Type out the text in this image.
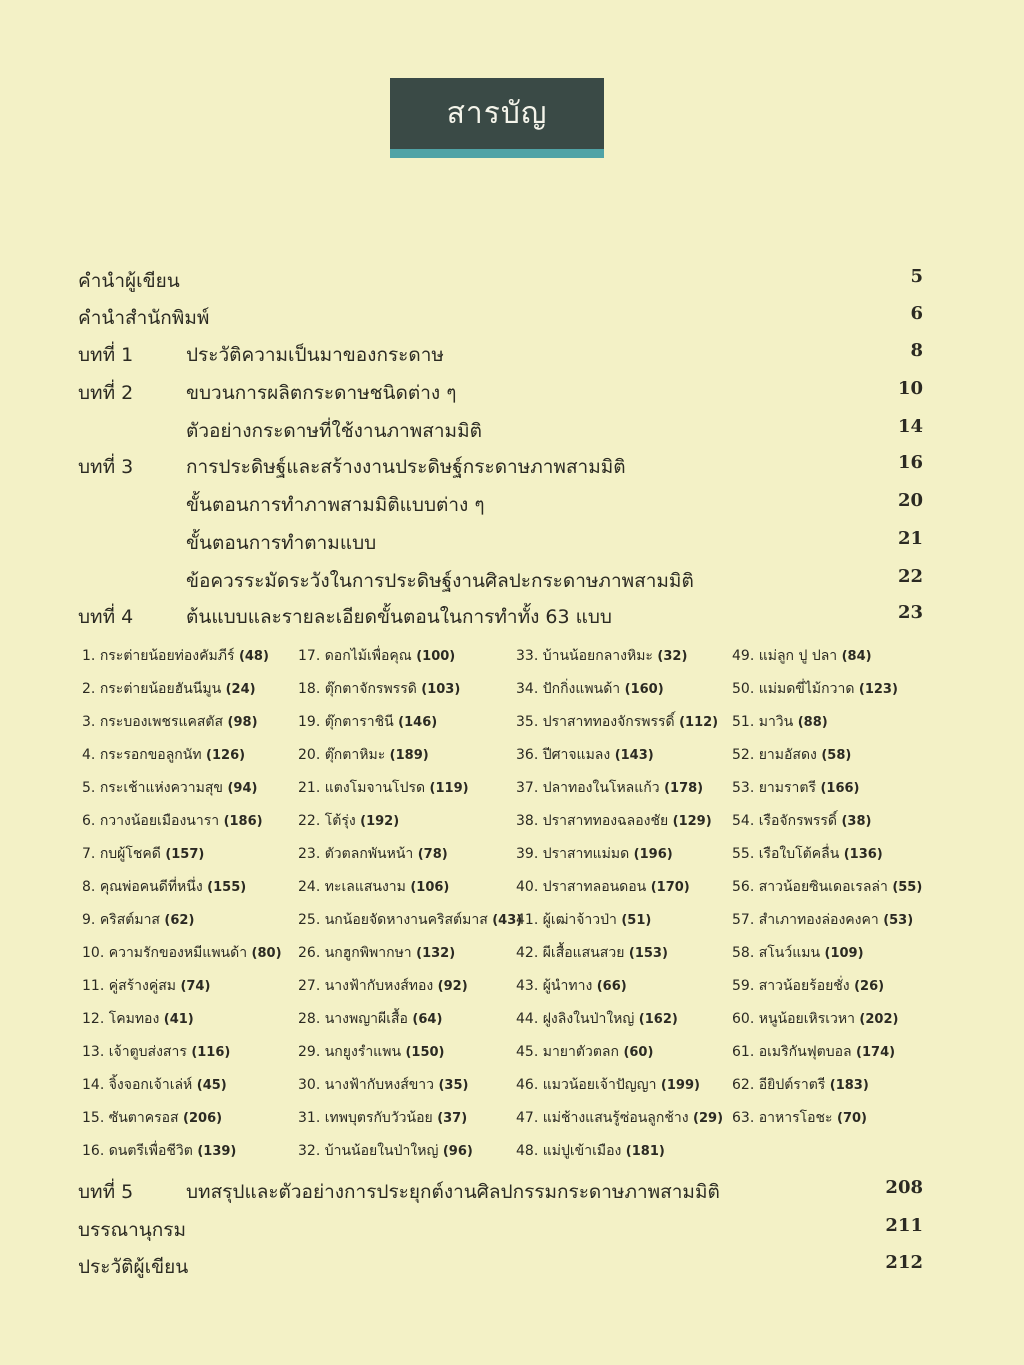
สารบัญ
คำนำผู้เขียน	5
คำนำสำนักพิมพ์	6
บทที่ 1	ประวัติความเป็นมาของกระดาษ	8
บทที่ 2	ขบวนการผลิตกระดาษชนิดต่าง ๆ	10
ตัวอย่างกระดาษที่ใช้งานภาพสามมิติ	14
บทที่ 3	การประดิษฐ์และสร้างงานประดิษฐ์กระดาษภาพสามมิติ	16
ขั้นตอนการทำภาพสามมิติแบบต่าง ๆ	20
ขั้นตอนการทำตามแบบ	21
ข้อควรระมัดระวังในการประดิษฐ์งานศิลปะกระดาษภาพสามมิติ	22
บทที่ 4	ต้นแบบและรายละเอียดขั้นตอนในการทำทั้ง 63 แบบ	23
1. กระต่ายน้อยท่องคัมภีร์ (48)
2. กระต่ายน้อยฮันนีมูน (24)
3. กระบองเพชรแคสตัส (98)
4. กระรอกขอลูกนัท (126)
5. กระเช้าแห่งความสุข (94)
6. กวางน้อยเมืองนารา (186)
7. กบผู้โชคดี (157)
8. คุณพ่อคนดีที่หนึ่ง (155)
9. คริสต์มาส (62)
10. ความรักของหมีแพนด้า (80)
11. คู่สร้างคู่สม (74)
12. โคมทอง (41)
13. เจ้าตูบส่งสาร (116)
14. จิ้งจอกเจ้าเล่ห์ (45)
15. ซันตาครอส (206)
16. ดนตรีเพื่อชีวิต (139)
17. ดอกไม้เพื่อคุณ (100)
18. ตุ๊กตาจักรพรรดิ (103)
19. ตุ๊กตาราชินี (146)
20. ตุ๊กตาหิมะ (189)
21. แตงโมจานโปรด (119)
22. โต้รุ่ง (192)
23. ตัวตลกพันหน้า (78)
24. ทะเลแสนงาม (106)
25. นกน้อยจัดหางานคริสต์มาส (43)
26. นกฮูกพิพากษา (132)
27. นางฟ้ากับหงส์ทอง (92)
28. นางพญาผีเสื้อ (64)
29. นกยูงรำแพน (150)
30. นางฟ้ากับหงส์ขาว (35)
31. เทพบุตรกับวัวน้อย (37)
32. บ้านน้อยในป่าใหญ่ (96)
33. บ้านน้อยกลางหิมะ (32)
34. ปักกิ่งแพนด้า (160)
35. ปราสาททองจักรพรรดิ์ (112)
36. ปีศาจแมลง (143)
37. ปลาทองในโหลแก้ว (178)
38. ปราสาททองฉลองชัย (129)
39. ปราสาทแม่มด (196)
40. ปราสาทลอนดอน (170)
41. ผู้เฒ่าจ้าวป่า (51)
42. ผีเสื้อแสนสวย (153)
43. ผู้นำทาง (66)
44. ฝูงลิงในป่าใหญ่ (162)
45. มายาตัวตลก (60)
46. แมวน้อยเจ้าปัญญา (199)
47. แม่ช้างแสนรู้ซ่อนลูกช้าง (29)
48. แม่ปูเข้าเมือง (181)
49. แม่ลูก ปู ปลา (84)
50. แม่มดขี่ไม้กวาด (123)
51. มาวิน (88)
52. ยามอัสดง (58)
53. ยามราตรี (166)
54. เรือจักรพรรดิ์ (38)
55. เรือใบโต้คลื่น (136)
56. สาวน้อยซินเดอเรลล่า (55)
57. สำเภาทองล่องคงคา (53)
58. สโนว์แมน (109)
59. สาวน้อยร้อยชั่ง (26)
60. หนูน้อยเหิรเวหา (202)
61. อเมริกันฟุตบอล (174)
62. อียิปต์ราตรี (183)
63. อาหารโอชะ (70)
บทที่ 5	บทสรุปและตัวอย่างการประยุกต์งานศิลปกรรมกระดาษภาพสามมิติ	208
บรรณานุกรม	211
ประวัติผู้เขียน	212
